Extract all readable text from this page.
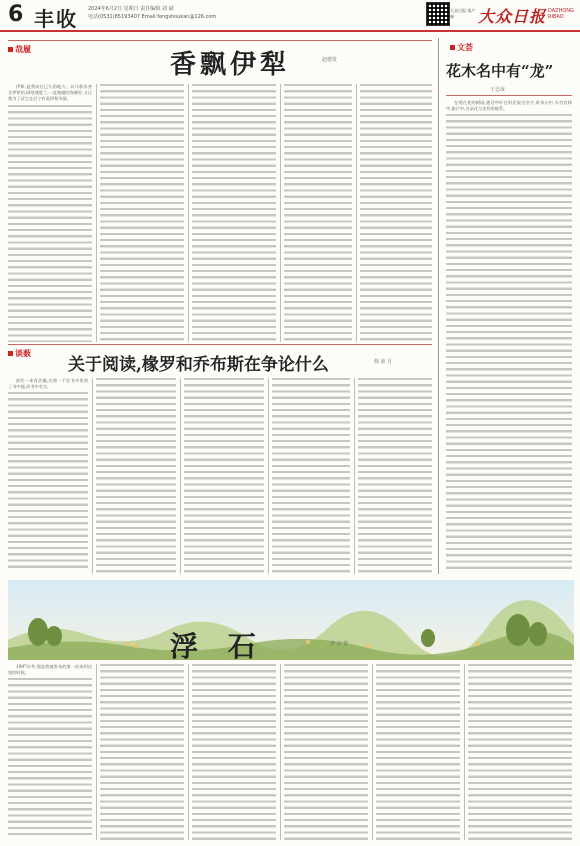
6 丰收 2024年6月2日 星期日 责任编辑 刘 斌
电话(0531)85193407 Email:fengshoukan@126.com
大众日报 客户端	大众日报 DAZHONG RIBAO
哉履	文荟
谈薮
香飘伊犁	赵德发
伊犁,是我向往已久的地方。以马鲁木齐至伊犁的,网络速度了,一直被她的容颜好,又让我为了近它在幻宁有看伊犁风情。
花木名中有“龙”
于志成
在现在花的树园,通话中叶在时光说这名字,时来山中,水竹宫林中,旅行中,这朵花与龙有的联系。
关于阅读,椽罗和乔布斯在争论什么	韩 沛 月
前些一本有浩瀚,在第一不忆书中里到了书中地,而书中名为。
浮 石	李 良 忱
1987年冬,那是我被发布的第一次来到这里的时候。
